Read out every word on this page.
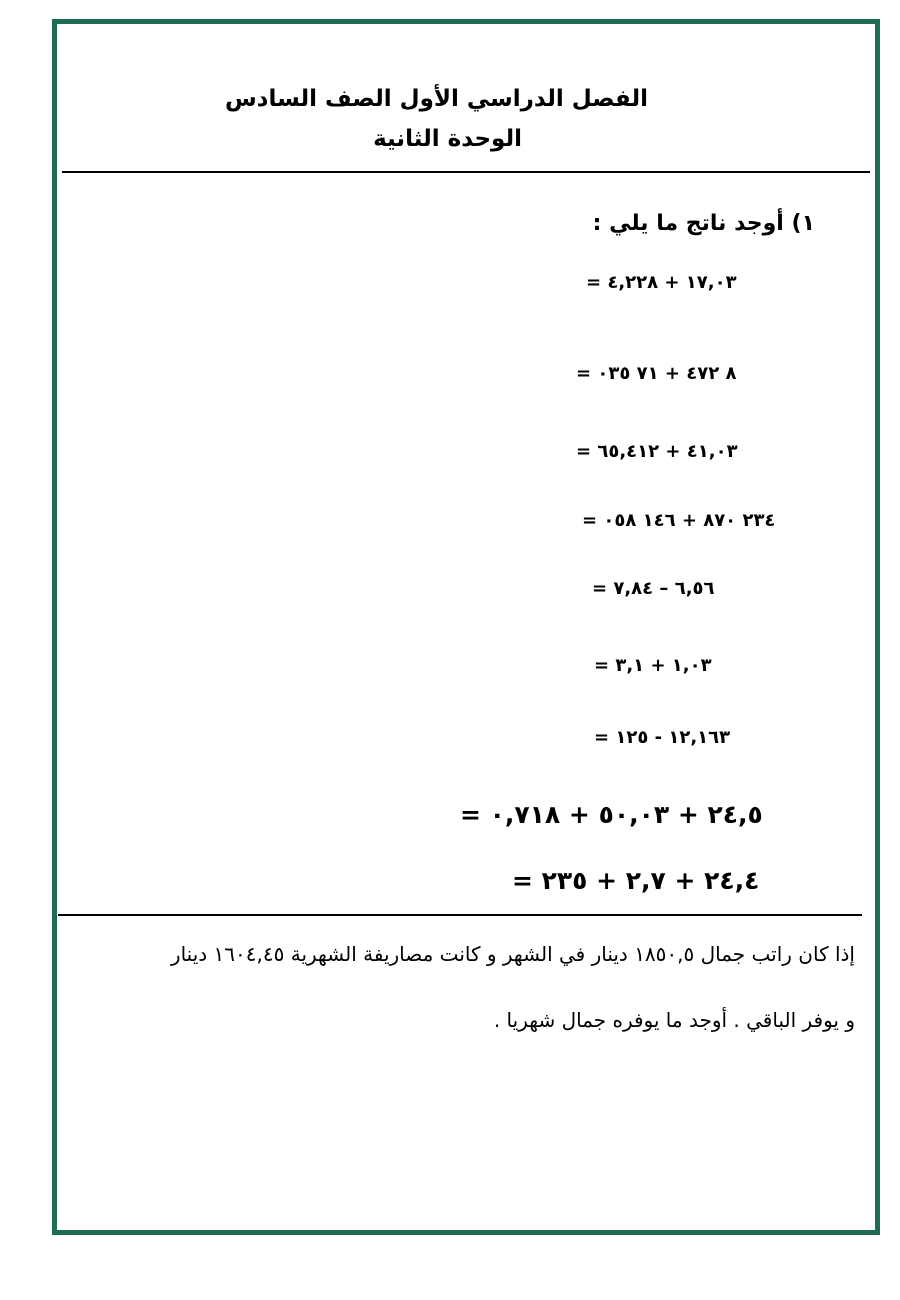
الفصل الدراسي الأول الصف السادس
الوحدة الثانية
١) أوجد ناتج ما يلي :
= ١٧,٠٣ + ٤,٢٢٨
= ٨ ٤٧٢ + ٧١ ٠٣٥
= ٤١,٠٣ + ٦٥,٤١٢
= ٢٣٤ ٨٧٠ + ١٤٦ ٠٥٨
= ٦,٥٦ – ٧,٨٤
= ١,٠٣ + ٣,١
= ١٢,١٦٣ - ١٢٥
= ٢٤,٥ + ٥٠,٠٣ + ٠,٧١٨
= ٢٤,٤ + ٢,٧ + ٢٣٥
إذا كان راتب جمال ١٨٥٠,٥ دينار في الشهر و كانت مصاريفة الشهرية ١٦٠٤,٤٥ دينار
و يوفر الباقي . أوجد ما يوفره جمال شهريا .
